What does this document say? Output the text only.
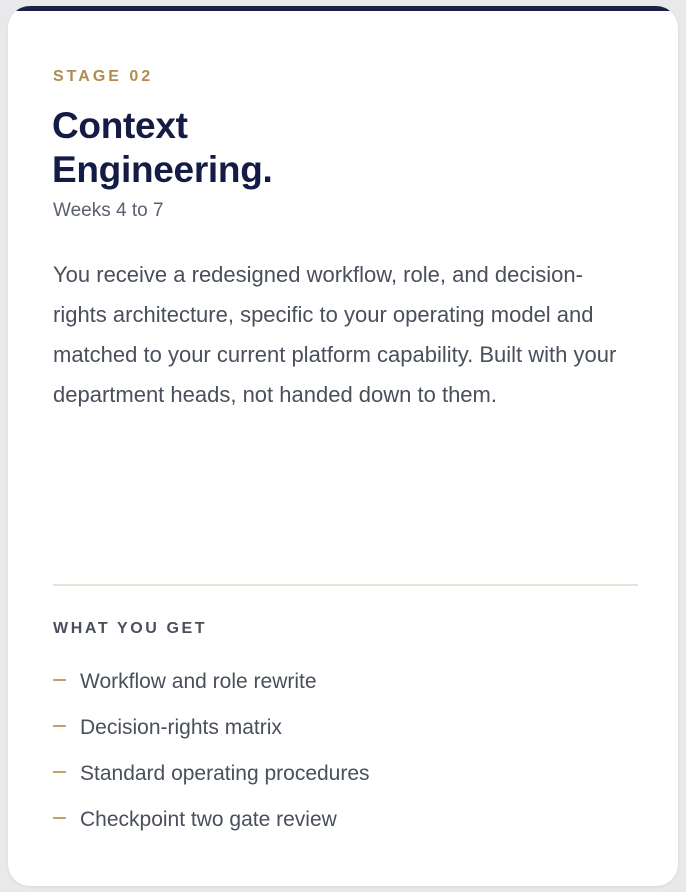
STAGE 02
Context
Engineering.
Weeks 4 to 7

You receive a redesigned workflow, role, and decision-rights architecture, specific to your operating model and matched to your current platform capability. Built with your department heads, not handed down to them.

WHAT YOU GET
Workflow and role rewrite
Decision-rights matrix
Standard operating procedures
Checkpoint two gate review
